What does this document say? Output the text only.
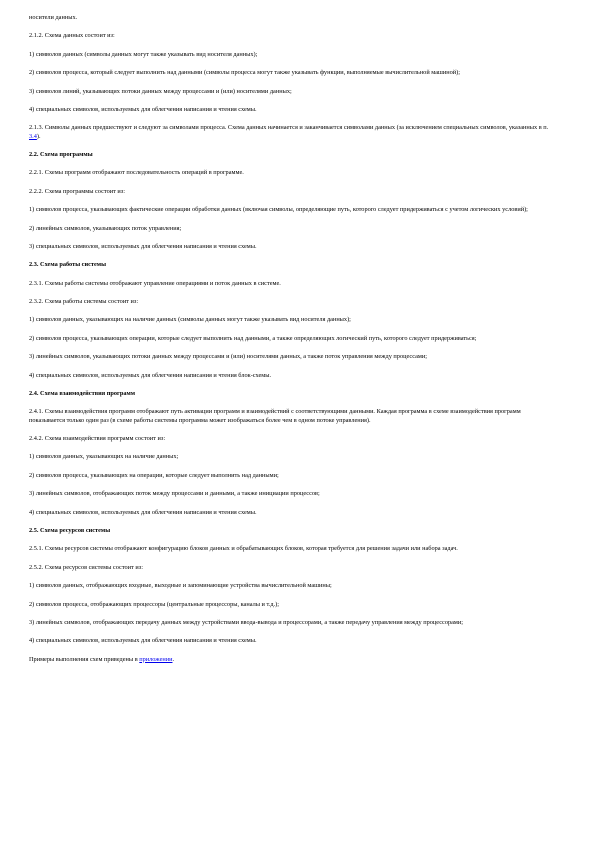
носители данных.

2.1.2. Схема данных состоит из:

1) символов данных (символы данных могут также указывать вид носителя данных);

2) символов процесса, который следует выполнить над данными (символы процесса могут также указывать функции, выполняемые вычислительной машиной);

3) символов линий, указывающих потоки данных между процессами и (или) носителями данных;

4) специальных символов, используемых для облегчения написания и чтения схемы.

2.1.3. Символы данных предшествуют и следуют за символами процесса. Схема данных начинается и заканчивается символами данных (за исключением специальных символов, указанных в п. 3.4).

2.2. Схема программы

2.2.1. Схемы программ отображают последовательность операций в программе.

2.2.2. Схема программы состоит из:

1) символов процесса, указывающих фактические операции обработки данных (включая символы, определяющие путь, которого следует придерживаться с учетом логических условий);

2) линейных символов, указывающих поток управления;

3) специальных символов, используемых для облегчения написания и чтения схемы.

2.3. Схема работы системы

2.3.1. Схемы работы системы отображают управление операциями и поток данных в системе.

2.3.2. Схема работы системы состоит из:

1) символов данных, указывающих на наличие данных (символы данных могут также указывать вид носителя данных);

2) символов процесса, указывающих операции, которые следует выполнить над данными, а также определяющих логический путь, которого следует придерживаться;

3) линейных символов, указывающих потоки данных между процессами и (или) носителями данных, а также поток управления между процессами;

4) специальных символов, используемых для облегчения написания и чтения блок-схемы.

2.4. Схема взаимодействия программ

2.4.1. Схемы взаимодействия программ отображают путь активации программ и взаимодействий с соответствующими данными. Каждая программа в схеме взаимодействия программ показывается только один раз (в схеме работы системы программа может изображаться более чем в одном потоке управления).

2.4.2. Схема взаимодействия программ состоит из:

1) символов данных, указывающих на наличие данных;

2) символов процесса, указывающих на операции, которые следует выполнить над данными;

3) линейных символов, отображающих поток между процессами и данными, а также инициации процессов;

4) специальных символов, используемых для облегчения написания и чтения схемы.

2.5. Схема ресурсов системы

2.5.1. Схемы ресурсов системы отображают конфигурацию блоков данных и обрабатывающих блоков, которая требуется для решения задачи или набора задач.

2.5.2. Схема ресурсов системы состоит из:

1) символов данных, отображающих входные, выходные и запоминающие устройства вычислительной машины;

2) символов процесса, отображающих процессоры (центральные процессоры, каналы и т.д.);

3) линейных символов, отображающих передачу данных между устройствами ввода-вывода и процессорами, а также передачу управления между процессорами;

4) специальных символов, используемых для облегчения написания и чтения схемы.

Примеры выполнения схем приведены в приложении.
